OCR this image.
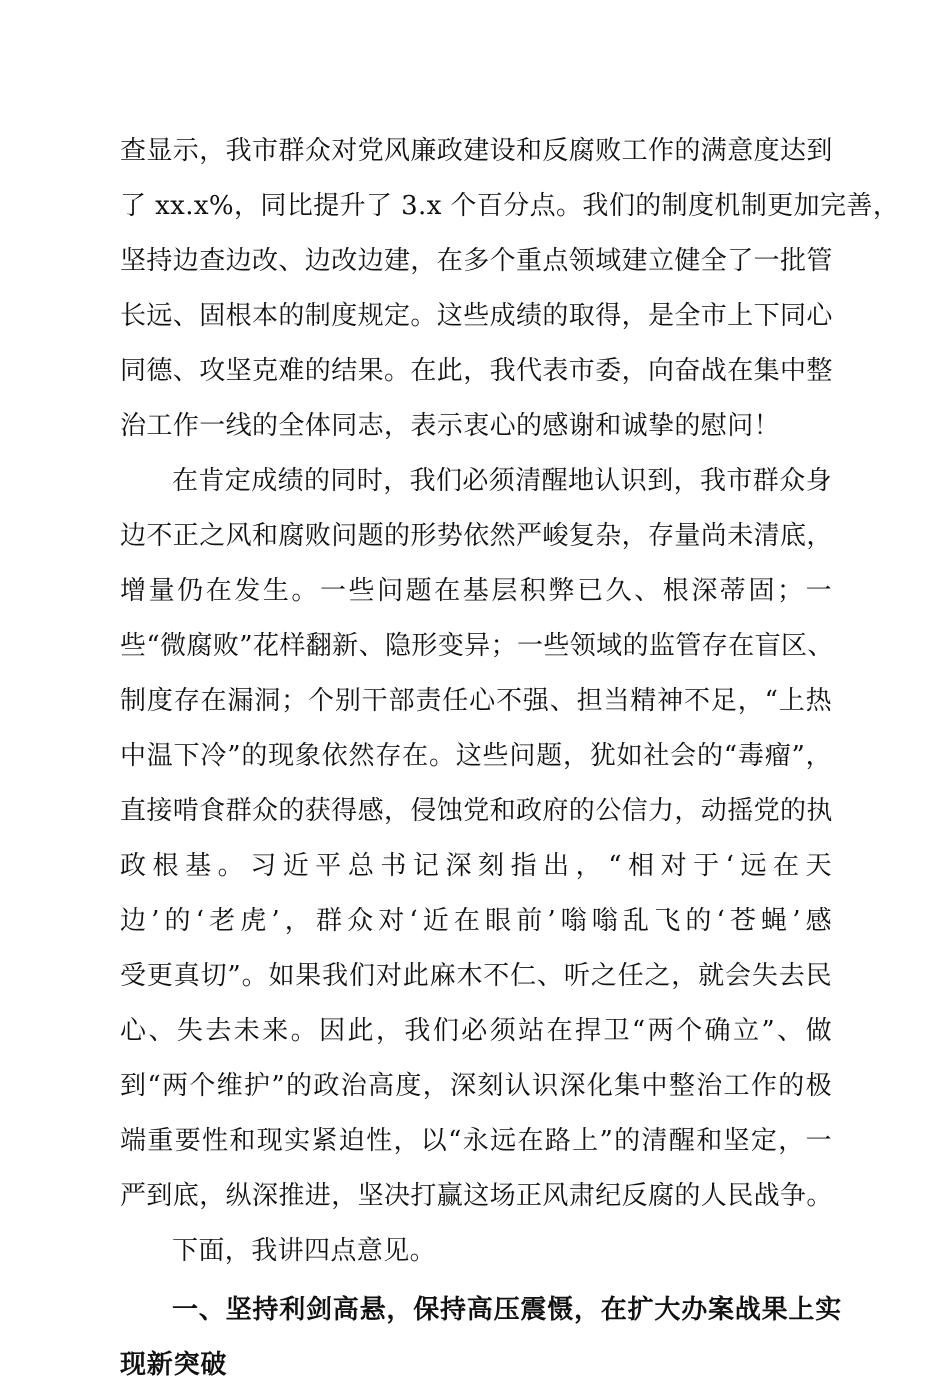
查显示，我市群众对党风廉政建设和反腐败工作的满意度达到
了 xx.x%，同比提升了 3.x 个百分点。我们的制度机制更加完善，
坚持边查边改、边改边建，在多个重点领域建立健全了一批管
长远、固根本的制度规定。这些成绩的取得，是全市上下同心
同德、攻坚克难的结果。在此，我代表市委，向奋战在集中整
治工作一线的全体同志，表示衷心的感谢和诚挚的慰问！
在肯定成绩的同时，我们必须清醒地认识到，我市群众身
边不正之风和腐败问题的形势依然严峻复杂，存量尚未清底，
增量仍在发生。一些问题在基层积弊已久、根深蒂固；一
些“微腐败”花样翻新、隐形变异；一些领域的监管存在盲区、
制度存在漏洞；个别干部责任心不强、担当精神不足，“上热
中温下冷”的现象依然存在。这些问题，犹如社会的“毒瘤”，
直接啃食群众的获得感，侵蚀党和政府的公信力，动摇党的执
政根基。习近平总书记深刻指出，“相对于‘远在天
边’的‘老虎’，群众对‘近在眼前’嗡嗡乱飞的‘苍蝇’感
受更真切”。如果我们对此麻木不仁、听之任之，就会失去民
心、失去未来。因此，我们必须站在捍卫“两个确立”、做
到“两个维护”的政治高度，深刻认识深化集中整治工作的极
端重要性和现实紧迫性，以“永远在路上”的清醒和坚定，一
严到底，纵深推进，坚决打赢这场正风肃纪反腐的人民战争。
下面，我讲四点意见。
一、坚持利剑高悬，保持高压震慑，在扩大办案战果上实
现新突破
